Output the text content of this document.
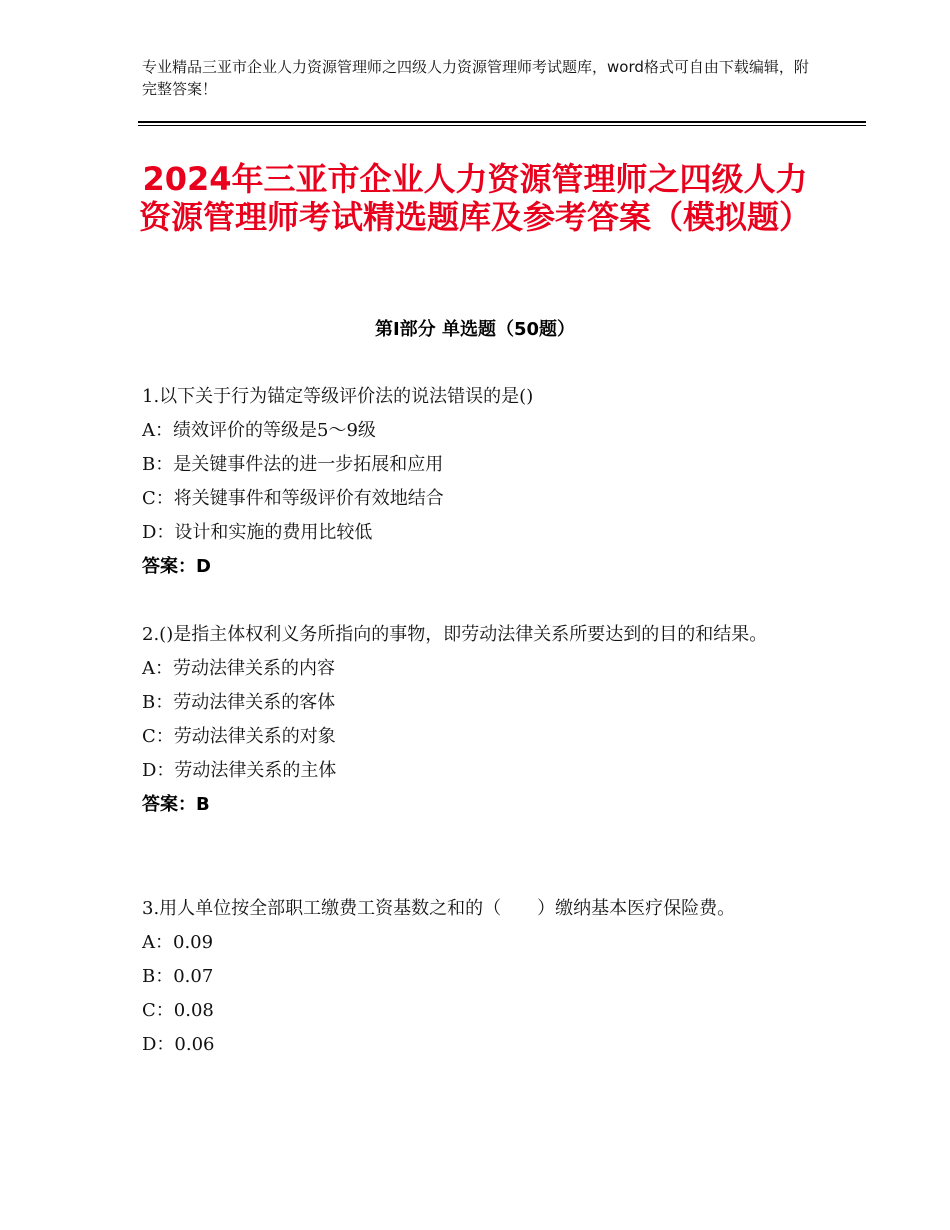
专业精品三亚市企业人力资源管理师之四级人力资源管理师考试题库，word格式可自由下载编辑，附完整答案！
2024年三亚市企业人力资源管理师之四级人力资源管理师考试精选题库及参考答案（模拟题）
第Ⅰ部分 单选题（50题）
1.以下关于行为锚定等级评价法的说法错误的是()
A：绩效评价的等级是5～9级
B：是关键事件法的进一步拓展和应用
C：将关键事件和等级评价有效地结合
D：设计和实施的费用比较低
答案：D
2.()是指主体权利义务所指向的事物，即劳动法律关系所要达到的目的和结果。
A：劳动法律关系的内容
B：劳动法律关系的客体
C：劳动法律关系的对象
D：劳动法律关系的主体
答案：B
3.用人单位按全部职工缴费工资基数之和的（　　）缴纳基本医疗保险费。
A：0.09
B：0.07
C：0.08
D：0.06
